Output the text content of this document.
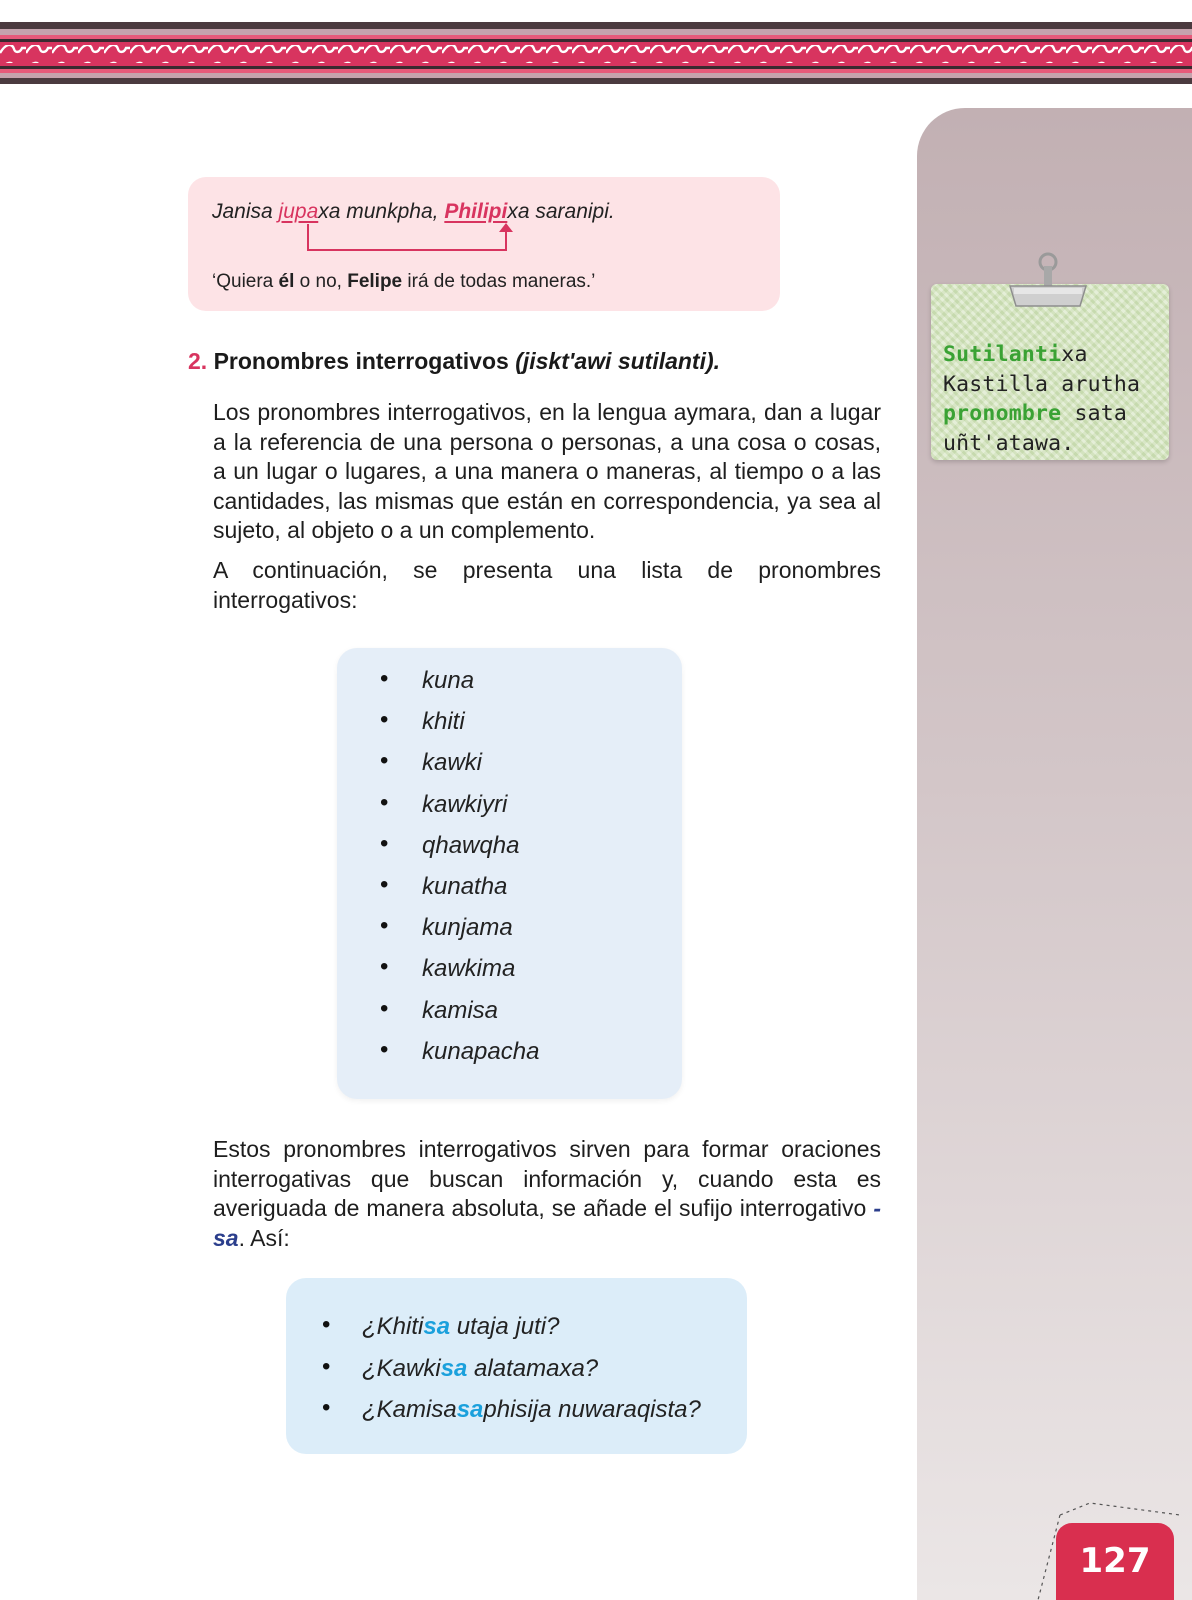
Janisa jupaxa munkpha, Philipixa saranipi.
‘Quiera él o no, Felipe irá de todas maneras.’
2. Pronombres interrogativos (jiskt'awi sutilanti).

Los pronombres interrogativos, en la lengua aymara, dan a lugar a la referencia de una persona o personas, a una cosa o cosas, a un lugar o lugares, a una manera o maneras, al tiempo o a las cantidades, las mismas que están en correspondencia, ya sea al sujeto, al objeto o a un complemento.

A continuación, se presenta una lista de pronombres interrogativos:

• kuna
• khiti
• kawki
• kawkiyri
• qhawqha
• kunatha
• kunjama
• kawkima
• kamisa
• kunapacha

Estos pronombres interrogativos sirven para formar oraciones interrogativas que buscan información y, cuando esta es averiguada de manera absoluta, se añade el sufijo interrogativo -sa. Así:

• ¿Khitisa utaja juti?
• ¿Kawkisa alatamaxa?
• ¿Kamisasaphisija nuwaraqista?
Sutilantixa Kastilla arutha pronombre sata uñt'atawa.
127
